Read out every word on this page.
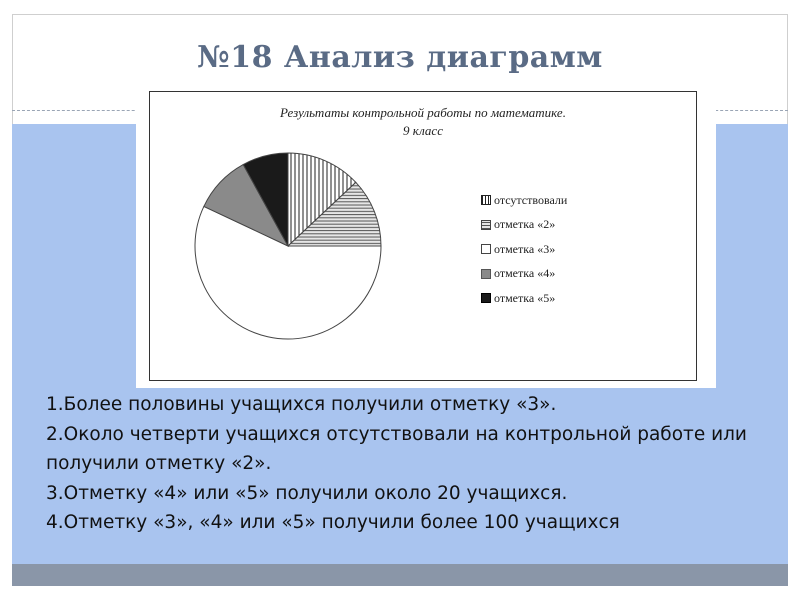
№18 Анализ диаграмм
Результаты контрольной работы по математике.
9 класс
отсутствовали
отметка «2»
отметка «3»
отметка «4»
отметка «5»
1.Более половины учащихся получили отметку «3».
2.Около четверти учащихся отсутствовали на контрольной работе или получили отметку «2».
3.Отметку «4» или «5» получили около 20 учащихся.
4.Отметку «3», «4» или «5» получили более 100 учащихся
